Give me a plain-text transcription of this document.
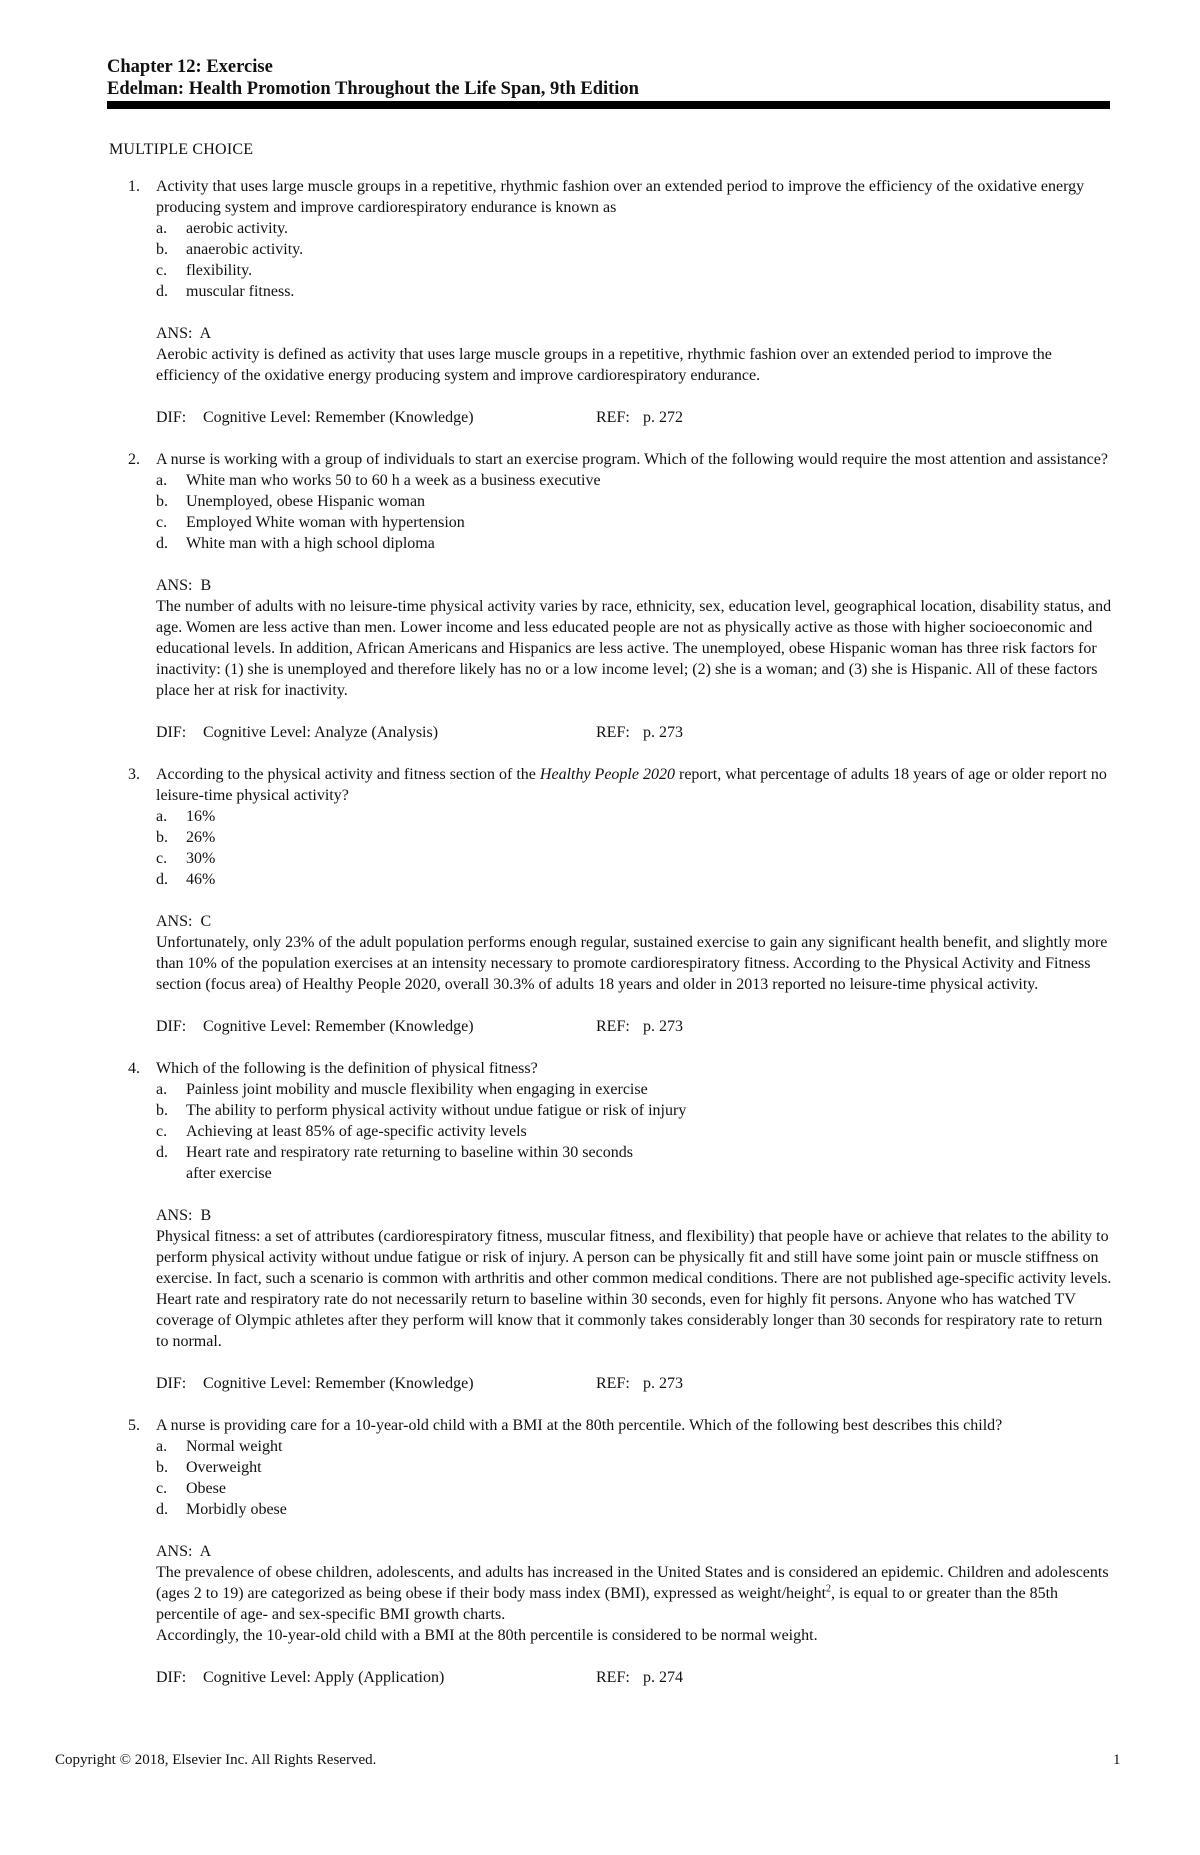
Chapter 12: Exercise
Edelman: Health Promotion Throughout the Life Span, 9th Edition
MULTIPLE CHOICE
1. Activity that uses large muscle groups in a repetitive, rhythmic fashion over an extended period to improve the efficiency of the oxidative energy producing system and improve cardiorespiratory endurance is known as
a. aerobic activity.
b. anaerobic activity.
c. flexibility.
d. muscular fitness.
ANS: A
Aerobic activity is defined as activity that uses large muscle groups in a repetitive, rhythmic fashion over an extended period to improve the efficiency of the oxidative energy producing system and improve cardiorespiratory endurance.
DIF: Cognitive Level: Remember (Knowledge)	REF: p. 272
2. A nurse is working with a group of individuals to start an exercise program. Which of the following would require the most attention and assistance?
a. White man who works 50 to 60 h a week as a business executive
b. Unemployed, obese Hispanic woman
c. Employed White woman with hypertension
d. White man with a high school diploma
ANS: B
The number of adults with no leisure-time physical activity varies by race, ethnicity, sex, education level, geographical location, disability status, and age. Women are less active than men. Lower income and less educated people are not as physically active as those with higher socioeconomic and educational levels. In addition, African Americans and Hispanics are less active. The unemployed, obese Hispanic woman has three risk factors for inactivity: (1) she is unemployed and therefore likely has no or a low income level; (2) she is a woman; and (3) she is Hispanic. All of these factors place her at risk for inactivity.
DIF: Cognitive Level: Analyze (Analysis)	REF: p. 273
3. According to the physical activity and fitness section of the Healthy People 2020 report, what percentage of adults 18 years of age or older report no leisure-time physical activity?
a. 16%
b. 26%
c. 30%
d. 46%
ANS: C
Unfortunately, only 23% of the adult population performs enough regular, sustained exercise to gain any significant health benefit, and slightly more than 10% of the population exercises at an intensity necessary to promote cardiorespiratory fitness. According to the Physical Activity and Fitness section (focus area) of Healthy People 2020, overall 30.3% of adults 18 years and older in 2013 reported no leisure-time physical activity.
DIF: Cognitive Level: Remember (Knowledge)	REF: p. 273
4. Which of the following is the definition of physical fitness?
a. Painless joint mobility and muscle flexibility when engaging in exercise
b. The ability to perform physical activity without undue fatigue or risk of injury
c. Achieving at least 85% of age-specific activity levels
d. Heart rate and respiratory rate returning to baseline within 30 seconds after exercise
ANS: B
Physical fitness: a set of attributes (cardiorespiratory fitness, muscular fitness, and flexibility) that people have or achieve that relates to the ability to perform physical activity without undue fatigue or risk of injury. A person can be physically fit and still have some joint pain or muscle stiffness on exercise. In fact, such a scenario is common with arthritis and other common medical conditions. There are not published age-specific activity levels. Heart rate and respiratory rate do not necessarily return to baseline within 30 seconds, even for highly fit persons. Anyone who has watched TV coverage of Olympic athletes after they perform will know that it commonly takes considerably longer than 30 seconds for respiratory rate to return to normal.
DIF: Cognitive Level: Remember (Knowledge)	REF: p. 273
5. A nurse is providing care for a 10-year-old child with a BMI at the 80th percentile. Which of the following best describes this child?
a. Normal weight
b. Overweight
c. Obese
d. Morbidly obese
ANS: A
The prevalence of obese children, adolescents, and adults has increased in the United States and is considered an epidemic. Children and adolescents (ages 2 to 19) are categorized as being obese if their body mass index (BMI), expressed as weight/height$^2$, is equal to or greater than the 85th percentile of age- and sex-specific BMI growth charts.
Accordingly, the 10-year-old child with a BMI at the 80th percentile is considered to be normal weight.
DIF: Cognitive Level: Apply (Application)	REF: p. 274
Copyright © 2018, Elsevier Inc. All Rights Reserved.	1
